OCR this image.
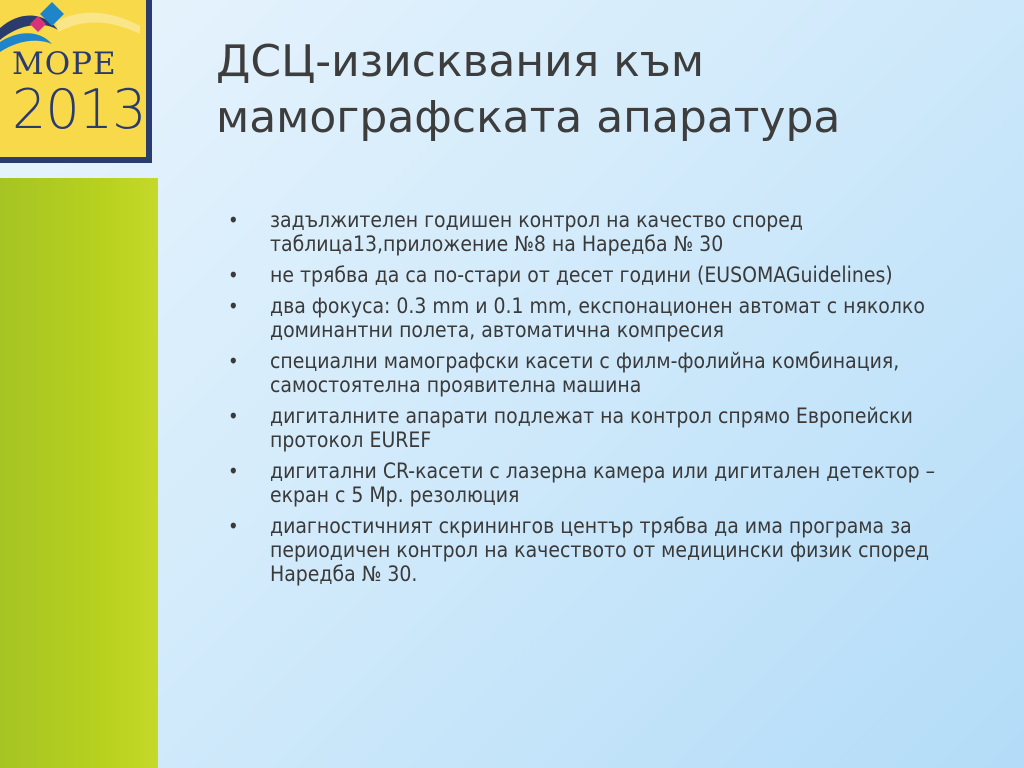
МОРЕ
2013
ДСЦ-изисквания към мамографската апаратура
• задължителен годишен контрол на качество според таблица13,приложение №8 на Наредба № 30
• не трябва да са по-стари от десет години (EUSOMAGuidelines)
• два фокуса: 0.3 mm и 0.1 mm, експонационен автомат с няколко доминантни полета, автоматична компресия
• специални мамографски касети с филм-фолийна комбинация, самостоятелна проявителна машина
• дигиталните апарати подлежат на контрол спрямо Европейски протокол EUREF
• дигитални CR-касети с лазерна камера или дигитален детектор – екран с 5 Mp. резолюция
• диагностичният скринингов център трябва да има програма за периодичен контрол на качеството от медицински физик според Наредба № 30.
